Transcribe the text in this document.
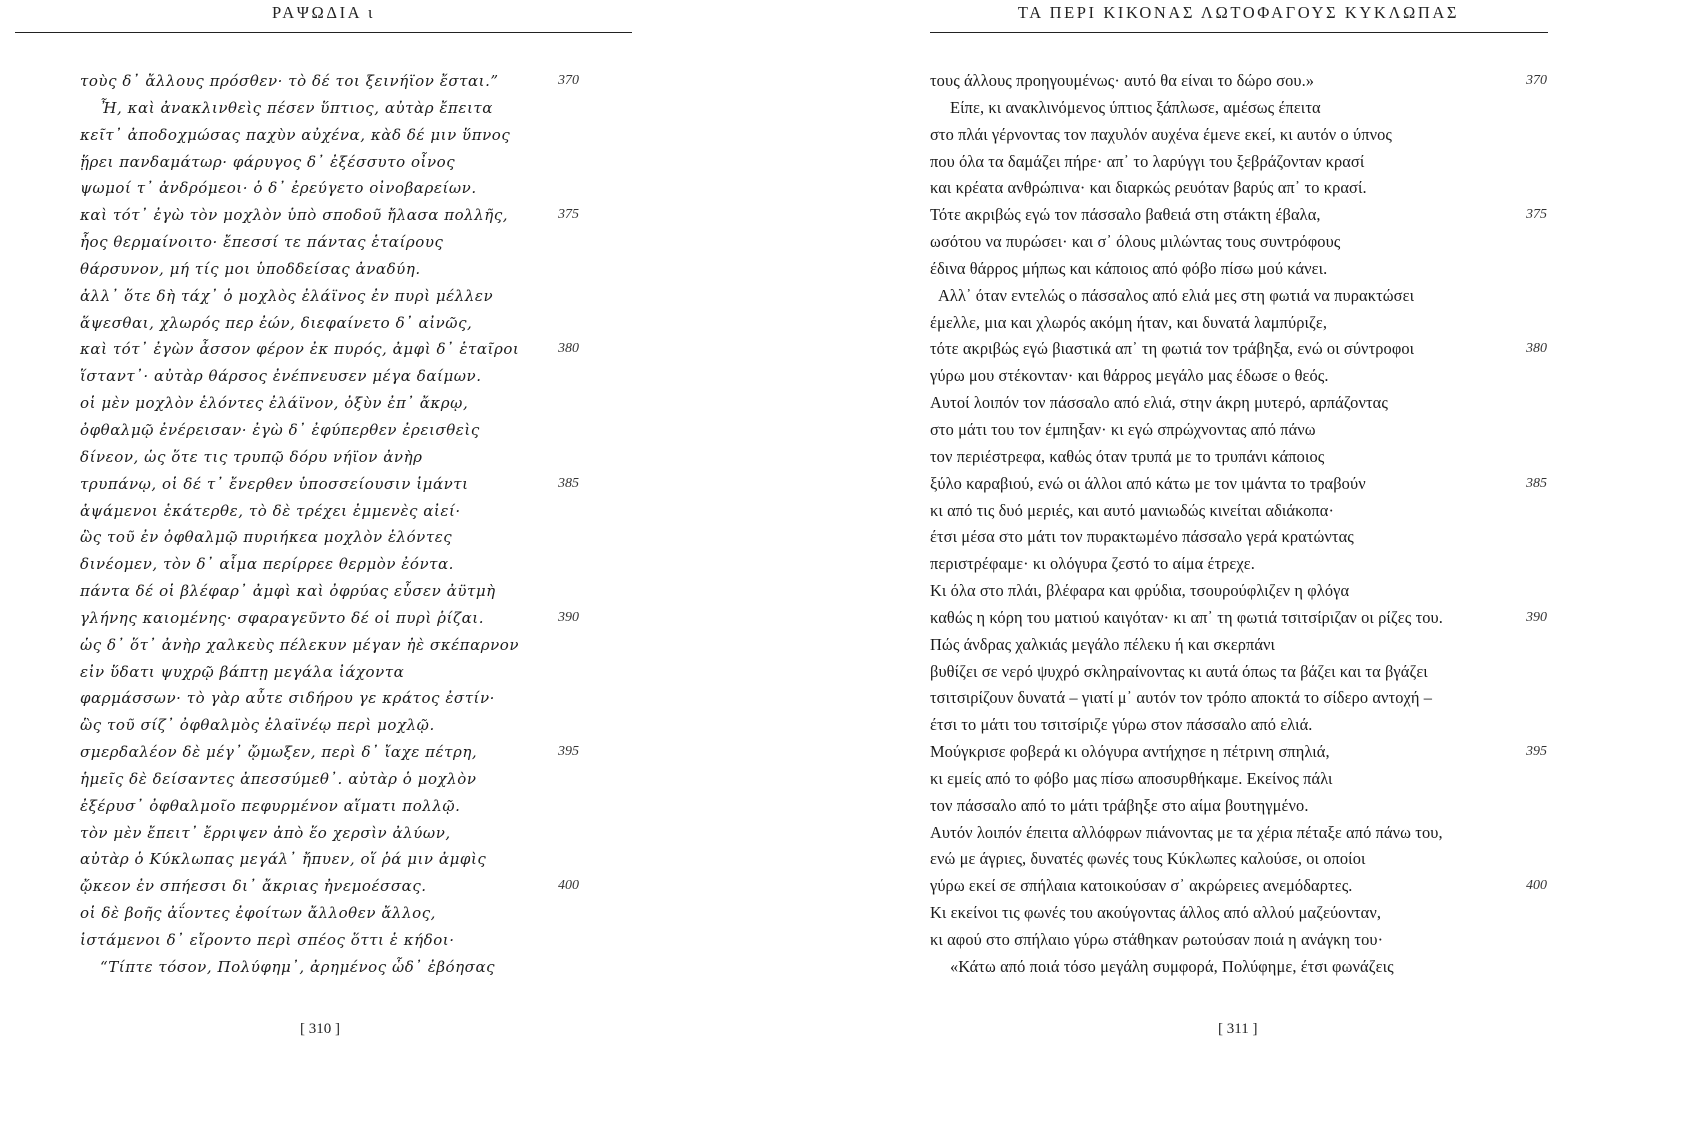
ΡΑΨΩΔΙΑ ι
τοὺς δ᾽ ἄλλους πρόσθεν· τὸ δέ τοι ξεινήϊον ἔσται.”	370
Ἦ, καὶ ἀνακλινθεὶς πέσεν ὕπτιος, αὐτὰρ ἔπειτα
κεῖτ᾽ ἀποδοχμώσας παχὺν αὐχένα, κὰδ δέ μιν ὕπνος
ᾕρει πανδαμάτωρ· φάρυγος δ᾽ ἐξέσσυτο οἶνος
ψωμοί τ᾽ ἀνδρόμεοι· ὁ δ᾽ ἐρεύγετο οἰνοβαρείων.
καὶ τότ᾽ ἐγὼ τὸν μοχλὸν ὑπὸ σποδοῦ ἤλασα πολλῆς,	375
ἧος θερμαίνοιτο· ἔπεσσί τε πάντας ἑταίρους
θάρσυνον, μή τίς μοι ὑποδδείσας ἀναδύη.
ἀλλ᾽ ὅτε δὴ τάχ᾽ ὁ μοχλὸς ἐλάϊνος ἐν πυρὶ μέλλεν
ἅψεσθαι, χλωρός περ ἐών, διεφαίνετο δ᾽ αἰνῶς,
καὶ τότ᾽ ἐγὼν ἆσσον φέρον ἐκ πυρός, ἀμφὶ δ᾽ ἑταῖροι	380
ἵσταντ᾽· αὐτὰρ θάρσος ἐνέπνευσεν μέγα δαίμων.
οἱ μὲν μοχλὸν ἑλόντες ἐλάϊνον, ὀξὺν ἐπ᾽ ἄκρῳ,
ὀφθαλμῷ ἐνέρεισαν· ἐγὼ δ᾽ ἐφύπερθεν ἐρεισθεὶς
δίνεον, ὡς ὅτε τις τρυπῷ δόρυ νήϊον ἀνὴρ
τρυπάνῳ, οἱ δέ τ᾽ ἔνερθεν ὑποσσείουσιν ἱμάντι	385
ἁψάμενοι ἑκάτερθε, τὸ δὲ τρέχει ἐμμενὲς αἰεί·
ὣς τοῦ ἐν ὀφθαλμῷ πυριήκεα μοχλὸν ἑλόντες
δινέομεν, τὸν δ᾽ αἷμα περίρρεε θερμὸν ἐόντα.
πάντα δέ οἱ βλέφαρ᾽ ἀμφὶ καὶ ὀφρύας εὗσεν ἀϋτμὴ
γλήνης καιομένης· σφαραγεῦντο δέ οἱ πυρὶ ῥίζαι.	390
ὡς δ᾽ ὅτ᾽ ἀνὴρ χαλκεὺς πέλεκυν μέγαν ἠὲ σκέπαρνον
εἰν ὕδατι ψυχρῷ βάπτῃ μεγάλα ἰάχοντα
φαρμάσσων· τὸ γὰρ αὖτε σιδήρου γε κράτος ἐστίν·
ὣς τοῦ σίζ᾽ ὀφθαλμὸς ἐλαϊνέῳ περὶ μοχλῷ.
σμερδαλέον δὲ μέγ᾽ ᾤμωξεν, περὶ δ᾽ ἴαχε πέτρη,	395
ἡμεῖς δὲ δείσαντες ἀπεσσύμεθ᾽. αὐτὰρ ὁ μοχλὸν
ἐξέρυσ᾽ ὀφθαλμοῖο πεφυρμένον αἵματι πολλῷ.
τὸν μὲν ἔπειτ᾽ ἔρριψεν ἀπὸ ἕο χερσὶν ἀλύων,
αὐτὰρ ὁ Κύκλωπας μεγάλ᾽ ἤπυεν, οἵ ῥά μιν ἀμφὶς
ᾤκεον ἐν σπήεσσι δι᾽ ἄκριας ἠνεμοέσσας.	400
οἱ δὲ βοῆς ἀΐοντες ἐφοίτων ἄλλοθεν ἄλλος,
ἱστάμενοι δ᾽ εἴροντο περὶ σπέος ὅττι ἑ κήδοι·
“Τίπτε τόσον, Πολύφημ᾽, ἀρημένος ὧδ᾽ ἐβόησας
[ 310 ]
ΤΑ ΠΕΡΙ ΚΙΚΟΝΑΣ ΛΩΤΟΦΑΓΟΥΣ ΚΥΚΛΩΠΑΣ
τους άλλους προηγουμένως· αυτό θα είναι το δώρο σου.»	370
Είπε, κι ανακλινόμενος ύπτιος ξάπλωσε, αμέσως έπειτα
στο πλάι γέρνοντας τον παχυλόν αυχένα έμενε εκεί, κι αυτόν ο ύπνος
που όλα τα δαμάζει πήρε· απ᾽ το λαρύγγι του ξεβράζονταν κρασί
και κρέατα ανθρώπινα· και διαρκώς ρευόταν βαρύς απ᾽ το κρασί.
Τότε ακριβώς εγώ τον πάσσαλο βαθειά στη στάκτη έβαλα,	375
ωσότου να πυρώσει· και σ᾽ όλους μιλώντας τους συντρόφους
έδινα θάρρος μήπως και κάποιος από φόβο πίσω μού κάνει.
Αλλ᾽ όταν εντελώς ο πάσσαλος από ελιά μες στη φωτιά να πυρακτώσει
έμελλε, μια και χλωρός ακόμη ήταν, και δυνατά λαμπύριζε,
τότε ακριβώς εγώ βιαστικά απ᾽ τη φωτιά τον τράβηξα, ενώ οι σύντροφοι	380
γύρω μου στέκονταν· και θάρρος μεγάλο μας έδωσε ο θεός.
Αυτοί λοιπόν τον πάσσαλο από ελιά, στην άκρη μυτερό, αρπάζοντας
στο μάτι του τον έμπηξαν· κι εγώ σπρώχνοντας από πάνω
τον περιέστρεφα, καθώς όταν τρυπά με το τρυπάνι κάποιος
ξύλο καραβιού, ενώ οι άλλοι από κάτω με τον ιμάντα το τραβούν	385
κι από τις δυό μεριές, και αυτό μανιωδώς κινείται αδιάκοπα·
έτσι μέσα στο μάτι τον πυρακτωμένο πάσσαλο γερά κρατώντας
περιστρέφαμε· κι ολόγυρα ζεστό το αίμα έτρεχε.
Κι όλα στο πλάι, βλέφαρα και φρύδια, τσουρούφλιζεν η φλόγα
καθώς η κόρη του ματιού καιγόταν· κι απ᾽ τη φωτιά τσιτσίριζαν οι ρίζες του.	390
Πώς άνδρας χαλκιάς μεγάλο πέλεκυ ή και σκερπάνι
βυθίζει σε νερό ψυχρό σκληραίνοντας κι αυτά όπως τα βάζει και τα βγάζει
τσιτσιρίζουν δυνατά – γιατί μ᾽ αυτόν τον τρόπο αποκτά το σίδερο αντοχή –
έτσι το μάτι του τσιτσίριζε γύρω στον πάσσαλο από ελιά.
Μούγκρισε φοβερά κι ολόγυρα αντήχησε η πέτρινη σπηλιά,	395
κι εμείς από το φόβο μας πίσω αποσυρθήκαμε. Εκείνος πάλι
τον πάσσαλο από το μάτι τράβηξε στο αίμα βουτηγμένο.
Αυτόν λοιπόν έπειτα αλλόφρων πιάνοντας με τα χέρια πέταξε από πάνω του,
ενώ με άγριες, δυνατές φωνές τους Κύκλωπες καλούσε, οι οποίοι
γύρω εκεί σε σπήλαια κατοικούσαν σ᾽ ακρώρειες ανεμόδαρτες.	400
Κι εκείνοι τις φωνές του ακούγοντας άλλος από αλλού μαζεύονταν,
κι αφού στο σπήλαιο γύρω στάθηκαν ρωτούσαν ποιά η ανάγκη του·
«Κάτω από ποιά τόσο μεγάλη συμφορά, Πολύφημε, έτσι φωνάζεις
[ 311 ]
